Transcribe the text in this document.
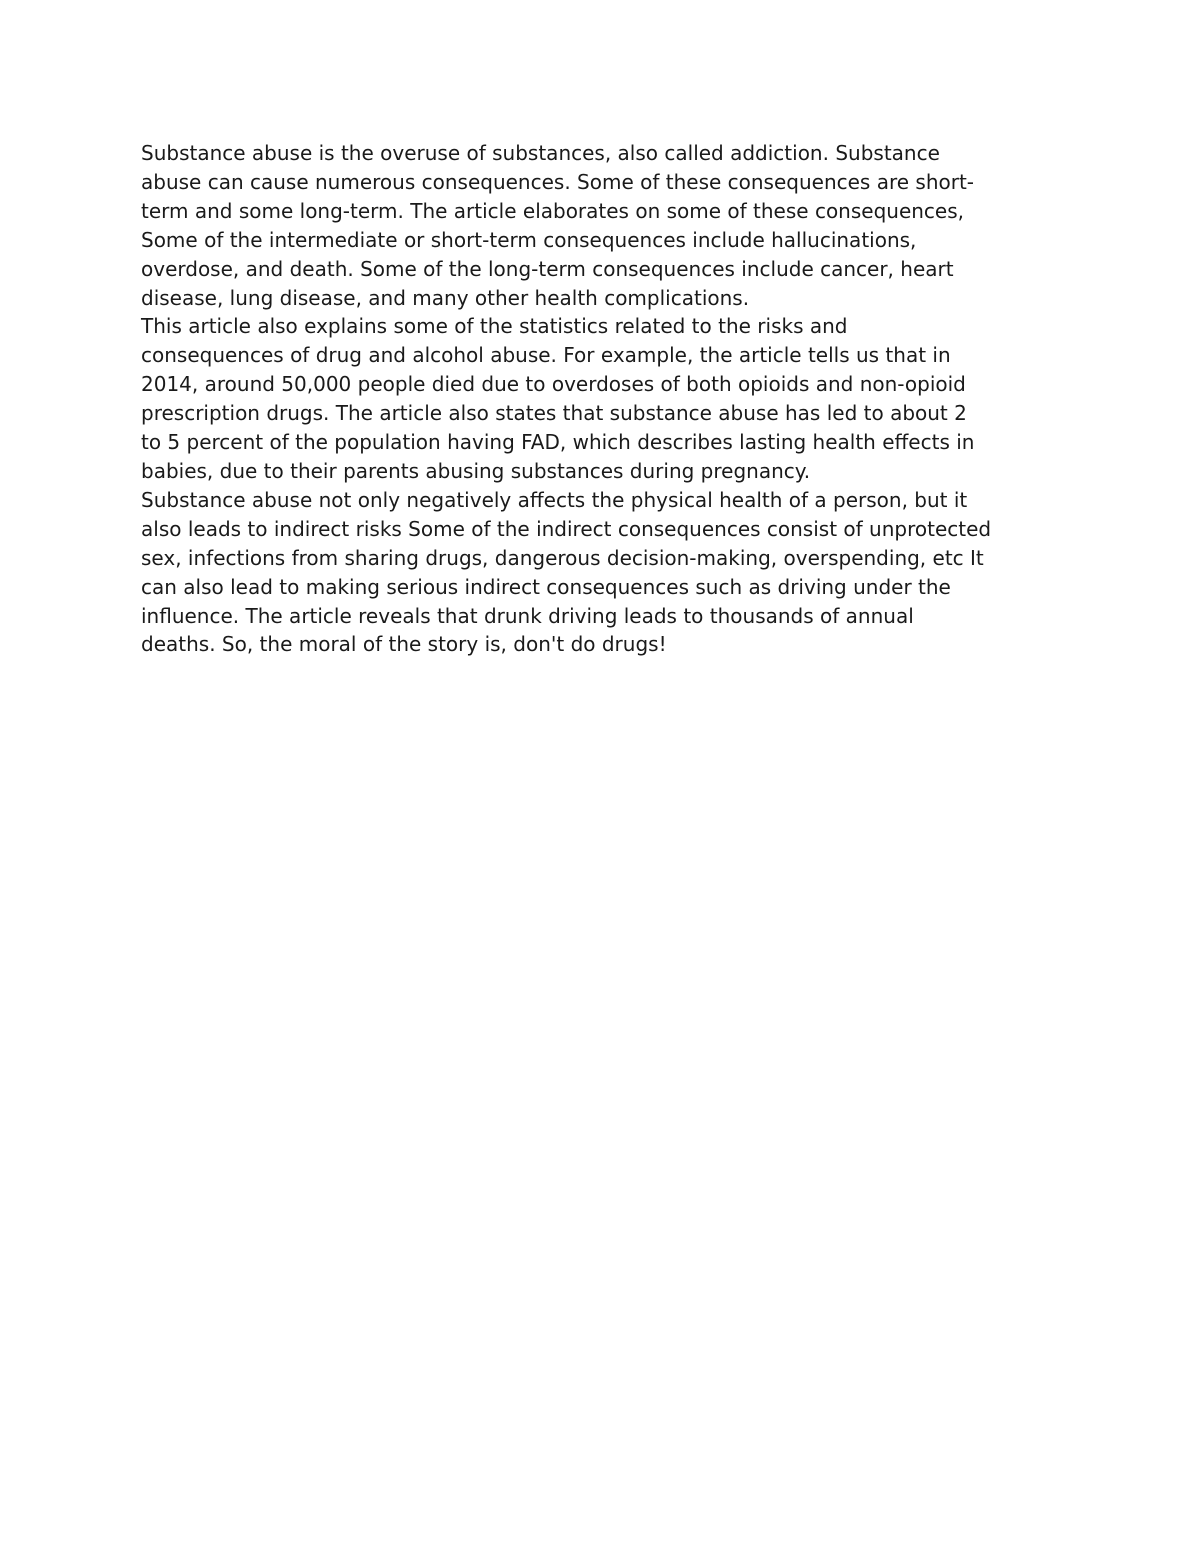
Substance abuse is the overuse of substances, also called addiction. Substance
abuse can cause numerous consequences. Some of these consequences are short-
term and some long-term. The article elaborates on some of these consequences,
Some of the intermediate or short-term consequences include hallucinations,
overdose, and death. Some of the long-term consequences include cancer, heart
disease, lung disease, and many other health complications.

This article also explains some of the statistics related to the risks and
consequences of drug and alcohol abuse. For example, the article tells us that in
2014, around 50,000 people died due to overdoses of both opioids and non-opioid
prescription drugs. The article also states that substance abuse has led to about 2
to 5 percent of the population having FAD, which describes lasting health effects in
babies, due to their parents abusing substances during pregnancy.

Substance abuse not only negatively affects the physical health of a person, but it
also leads to indirect risks Some of the indirect consequences consist of unprotected
sex, infections from sharing drugs, dangerous decision-making, overspending, etc It
can also lead to making serious indirect consequences such as driving under the
influence. The article reveals that drunk driving leads to thousands of annual
deaths. So, the moral of the story is, don't do drugs!
